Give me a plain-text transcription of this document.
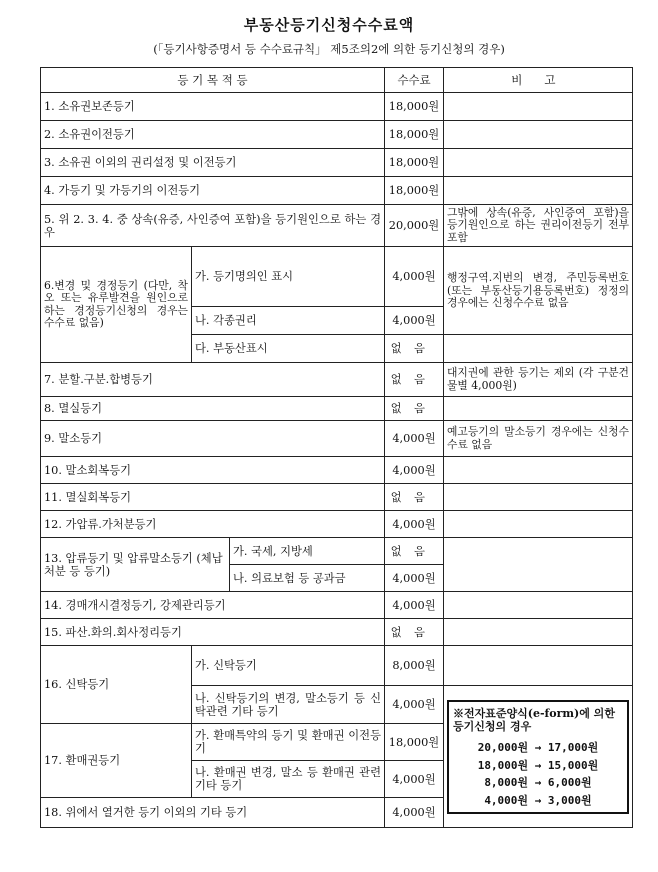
부동산등기신청수수료액
(「등기사항증명서 등 수수료규칙」 제5조의2에 의한 등기신청의 경우)
등 기 목 적 등			수수료	비 고
1. 소유권보존등기			18,000원	
2. 소유권이전등기			18,000원	
3. 소유권 이외의 권리설정 및 이전등기			18,000원	
4. 가등기 및 가등기의 이전등기			18,000원	
5. 위 2. 3. 4. 중 상속(유증, 사인증여 포함)을 등기원인으로 하는 경우			20,000원	그밖에 상속(유증, 사인증여 포함)을 등기원인으로 하는 권리이전등기 전부 포함
6.변경 및 경정등기 (다만, 착오 또는 유루발견을 원인으로 하는 경정등기신청의 경우는 수수료 없음)	가. 등기명의인 표시		4,000원	행정구역.지번의 변경, 주민등록번호(또는 부동산등기용등록번호) 정정의 경우에는 신청수수료 없음
	나. 각종권리		4,000원	
	다. 부동산표시		없음	
7. 분할.구분.합병등기			없음	대지권에 관한 등기는 제외 (각 구분건물별 4,000원)
8. 멸실등기			없음	
9. 말소등기			4,000원	예고등기의 말소등기 경우에는 신청수수료 없음
10. 말소회복등기			4,000원	
11. 멸실회복등기			없음	
12. 가압류.가처분등기			4,000원	
13. 압류등기 및 압류말소등기 (체납처분 등 등기)		가. 국세, 지방세	없음	
		나. 의료보험 등 공과금	4,000원	
14. 경매개시결정등기, 강제관리등기			4,000원	
15. 파산.화의.회사정리등기			없음	
16. 신탁등기	가. 신탁등기		8,000원	
	나. 신탁등기의 변경, 말소등기 등 신탁관련 기타 등기		4,000원	※전자표준양식(e-form)에 의한 등기신청의 경우
20,000원 → 17,000원
18,000원 → 15,000원
8,000원 → 6,000원
4,000원 → 3,000원

17. 환매권등기	가. 환매특약의 등기 및 환매권 이전등기		18,000원	
	나. 환매권 변경, 말소 등 환매권 관련 기타 등기		4,000원	
18. 위에서 열거한 등기 이외의 기타 등기			4,000원	
